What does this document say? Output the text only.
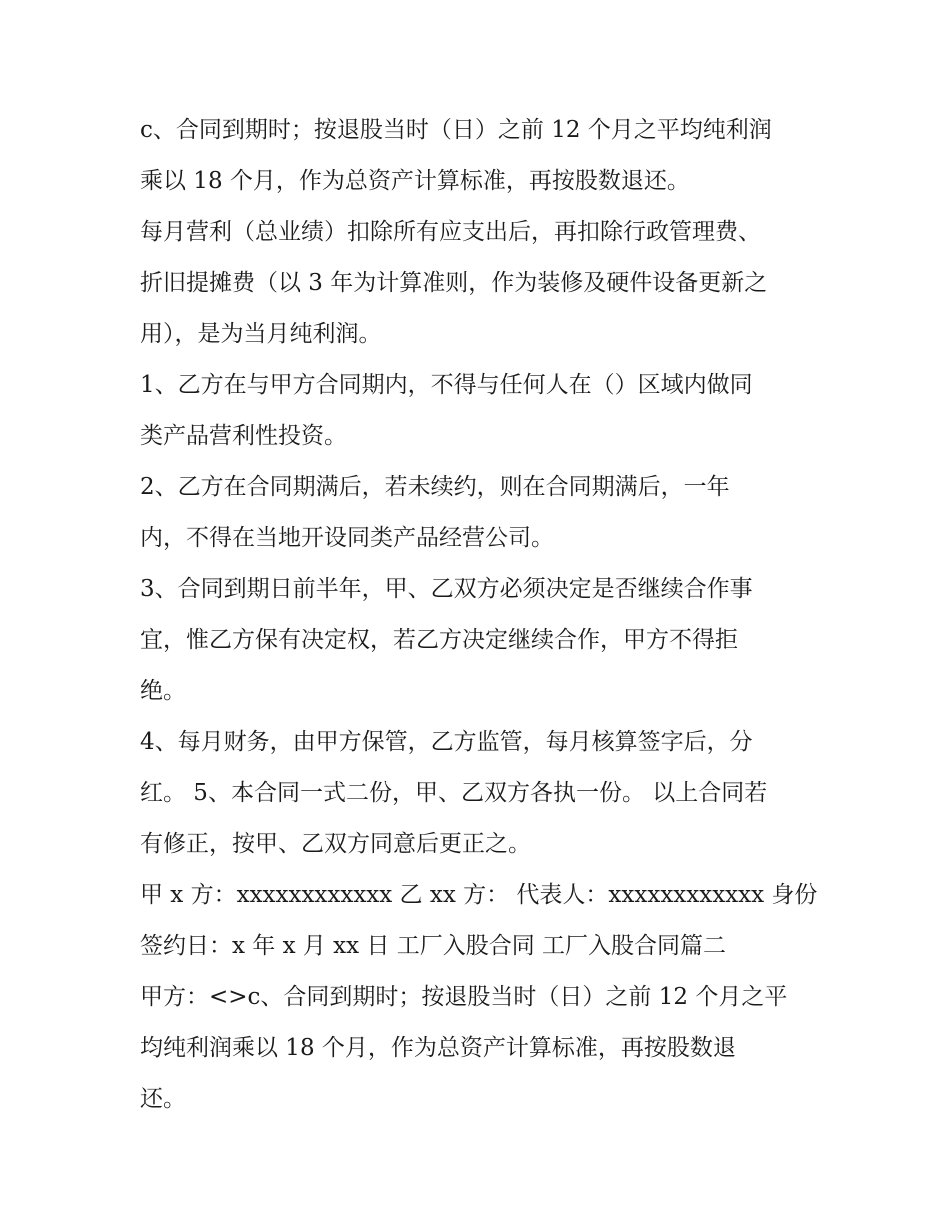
c、合同到期时；按退股当时（日）之前 12 个月之平均纯利润
乘以 18 个月，作为总资产计算标准，再按股数退还。
每月营利（总业绩）扣除所有应支出后，再扣除行政管理费、
折旧提摊费（以 3 年为计算准则，作为装修及硬件设备更新之
用），是为当月纯利润。
1、乙方在与甲方合同期内，不得与任何人在（）区域内做同
类产品营利性投资。
2、乙方在合同期满后，若未续约，则在合同期满后，一年
内，不得在当地开设同类产品经营公司。
3、合同到期日前半年，甲、乙双方必须决定是否继续合作事
宜，惟乙方保有决定权，若乙方决定继续合作，甲方不得拒
绝。
4、每月财务，由甲方保管，乙方监管，每月核算签字后，分
红。 5、本合同一式二份，甲、乙双方各执一份。 以上合同若
有修正，按甲、乙双方同意后更正之。
甲 x 方：xxxxxxxxxxxx 乙 xx 方： 代表人：xxxxxxxxxxxx 身份
签约日：x 年 x 月 xx 日 工厂入股合同 工厂入股合同篇二
甲方：<>c、合同到期时；按退股当时（日）之前 12 个月之平
均纯利润乘以 18 个月，作为总资产计算标准，再按股数退
还。
